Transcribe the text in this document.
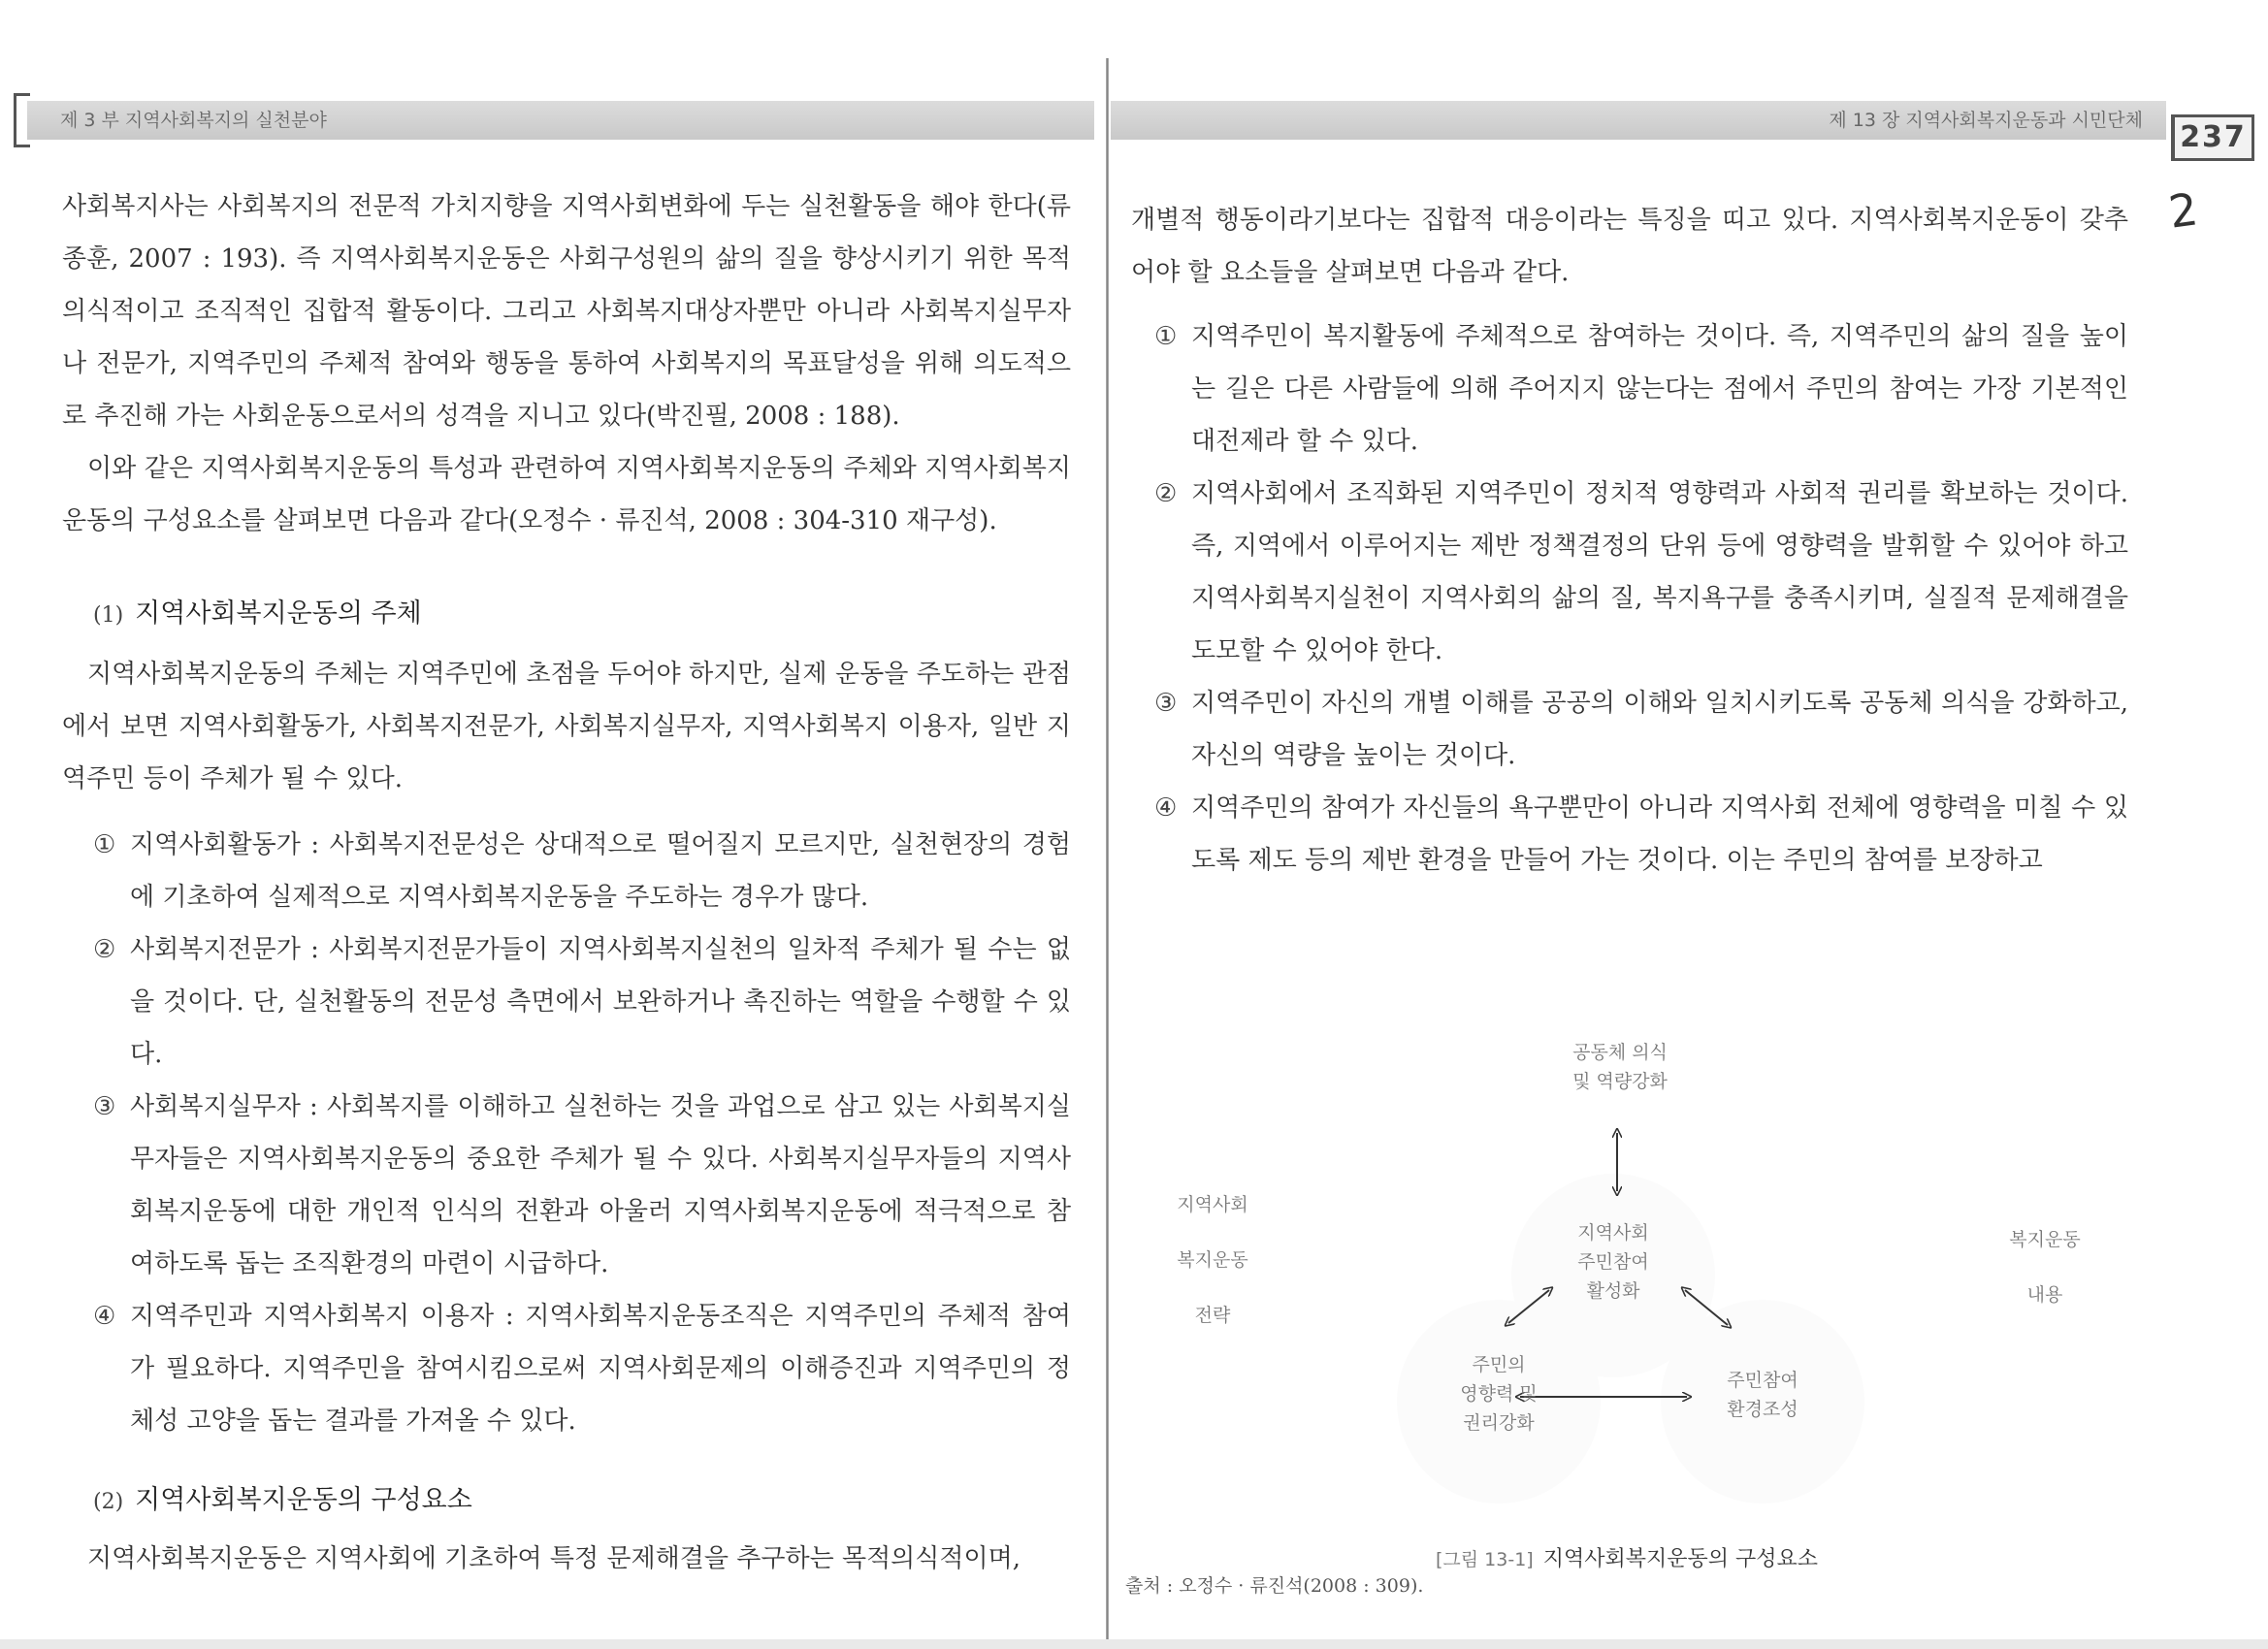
제 3 부 지역사회복지의 실천분야	제 13 장 지역사회복지운동과 시민단체	237
2

사회복지사는 사회복지의 전문적 가치지향을 지역사회변화에 두는 실천활동을 해야 한다(류종훈, 2007 : 193). 즉 지역사회복지운동은 사회구성원의 삶의 질을 향상시키기 위한 목적의식적이고 조직적인 집합적 활동이다. 그리고 사회복지대상자뿐만 아니라 사회복지실무자나 전문가, 지역주민의 주체적 참여와 행동을 통하여 사회복지의 목표달성을 위해 의도적으로 추진해 가는 사회운동으로서의 성격을 지니고 있다(박진필, 2008 : 188).

이와 같은 지역사회복지운동의 특성과 관련하여 지역사회복지운동의 주체와 지역사회복지운동의 구성요소를 살펴보면 다음과 같다(오정수 · 류진석, 2008 : 304-310 재구성).

(1) 지역사회복지운동의 주체

지역사회복지운동의 주체는 지역주민에 초점을 두어야 하지만, 실제 운동을 주도하는 관점에서 보면 지역사회활동가, 사회복지전문가, 사회복지실무자, 지역사회복지 이용자, 일반 지역주민 등이 주체가 될 수 있다.

① 지역사회활동가 : 사회복지전문성은 상대적으로 떨어질지 모르지만, 실천현장의 경험에 기초하여 실제적으로 지역사회복지운동을 주도하는 경우가 많다.

② 사회복지전문가 : 사회복지전문가들이 지역사회복지실천의 일차적 주체가 될 수는 없을 것이다. 단, 실천활동의 전문성 측면에서 보완하거나 촉진하는 역할을 수행할 수 있다.

③ 사회복지실무자 : 사회복지를 이해하고 실천하는 것을 과업으로 삼고 있는 사회복지실무자들은 지역사회복지운동의 중요한 주체가 될 수 있다. 사회복지실무자들의 지역사회복지운동에 대한 개인적 인식의 전환과 아울러 지역사회복지운동에 적극적으로 참여하도록 돕는 조직환경의 마련이 시급하다.

④ 지역주민과 지역사회복지 이용자 : 지역사회복지운동조직은 지역주민의 주체적 참여가 필요하다. 지역주민을 참여시킴으로써 지역사회문제의 이해증진과 지역주민의 정체성 고양을 돕는 결과를 가져올 수 있다.

(2) 지역사회복지운동의 구성요소

지역사회복지운동은 지역사회에 기초하여 특정 문제해결을 추구하는 목적의식적이며,

개별적 행동이라기보다는 집합적 대응이라는 특징을 띠고 있다. 지역사회복지운동이 갖추어야 할 요소들을 살펴보면 다음과 같다.

① 지역주민이 복지활동에 주체적으로 참여하는 것이다. 즉, 지역주민의 삶의 질을 높이는 길은 다른 사람들에 의해 주어지지 않는다는 점에서 주민의 참여는 가장 기본적인 대전제라 할 수 있다.

② 지역사회에서 조직화된 지역주민이 정치적 영향력과 사회적 권리를 확보하는 것이다. 즉, 지역에서 이루어지는 제반 정책결정의 단위 등에 영향력을 발휘할 수 있어야 하고 지역사회복지실천이 지역사회의 삶의 질, 복지욕구를 충족시키며, 실질적 문제해결을 도모할 수 있어야 한다.

③ 지역주민이 자신의 개별 이해를 공공의 이해와 일치시키도록 공동체 의식을 강화하고, 자신의 역량을 높이는 것이다.

④ 지역주민의 참여가 자신들의 욕구뿐만이 아니라 지역사회 전체에 영향력을 미칠 수 있도록 제도 등의 제반 환경을 만들어 가는 것이다. 이는 주민의 참여를 보장하고

공동체 의식
및 역량강화
지역사회
주민참여
활성화
주민의
영향력 및
권리강화
주민참여
환경조성
지역사회
복지운동
전략
복지운동
내용
[그림 13-1] 지역사회복지운동의 구성요소
출처 : 오정수 · 류진석(2008 : 309).
